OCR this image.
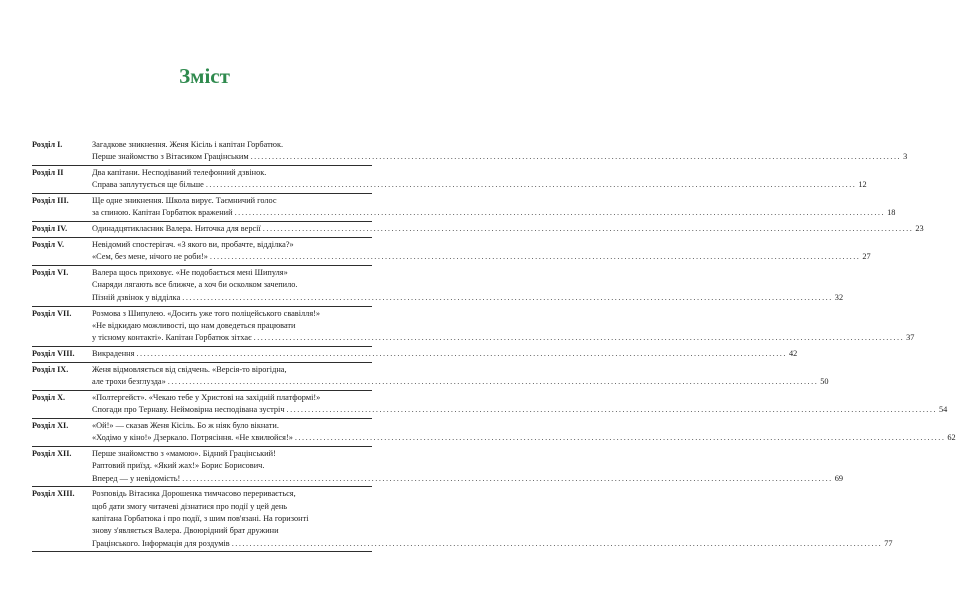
Зміст
Розділ I.	Загадкове зникнення. Женя Кісіль і капітан Горбатюк.
Перше знайомство з Вітасиком Грацінським .....	3
Розділ II	Два капітани. Несподіваний телефонний дзвінок.
Справа заплутується ще більше .....	12
Розділ III.	Ще одне зникнення. Школа вирує. Таємничий голос
за спиною. Капітан Горбатюк вражений .....	18
Розділ IV.	Одинадцятикласник Валера. Ниточка для версії .....	23
Розділ V.	Невідомий спостерігач. «З якого ви, пробачте, відділка?»
«Сем, без мене, нічого не роби!» .....	27
Розділ VI.	Валера щось приховує. «Не подобається мені Шипуля»
Снаряди лягають все ближче, а хоч би осколком зачепило.
Пізній дзвінок у відділка .....	32
Розділ VII.	Розмова з Шипулею. «Досить уже того поліцейського свавілля!»
«Не відкидаю можливості, що нам доведеться працювати
у тісному контакті». Капітан Горбатюк зітхає .....	37
Розділ VIII.	Викрадення .....	42
Розділ IX.	Женя відмовляється від свідчень. «Версія-то вірогідна,
але трохи безглузда» .....	50
Розділ X.	«Полтергейст». «Чекаю тебе у Христові на західній платформі!»
Спогади про Тернаву. Неймовірна несподівана зустріч .....	54
Розділ XI.	«Ой!» — сказав Женя Кісіль. Бо ж ніяк було вікнати.
«Ходімо у кіно!» Дзеркало. Потрясіння. «Не хвилюйся!» .....	62
Розділ XII.	Перше знайомство з «мамою». Бідний Грацінський!
Раптовий приїзд. «Який жах!» Борис Борисович.
Вперед — у невідомість! .....	69
Розділ XIII.	Розповідь Вітасика Дорошенка тимчасово переривається,
щоб дати змогу читачеві дізнатися про події у цей день
капітана Горбатюка і про події, з шим пов'язані. На горизонті
знову з'являється Валера. Двоюрідний брат дружини
Грацінського. Інформація для роздумів .....	77
